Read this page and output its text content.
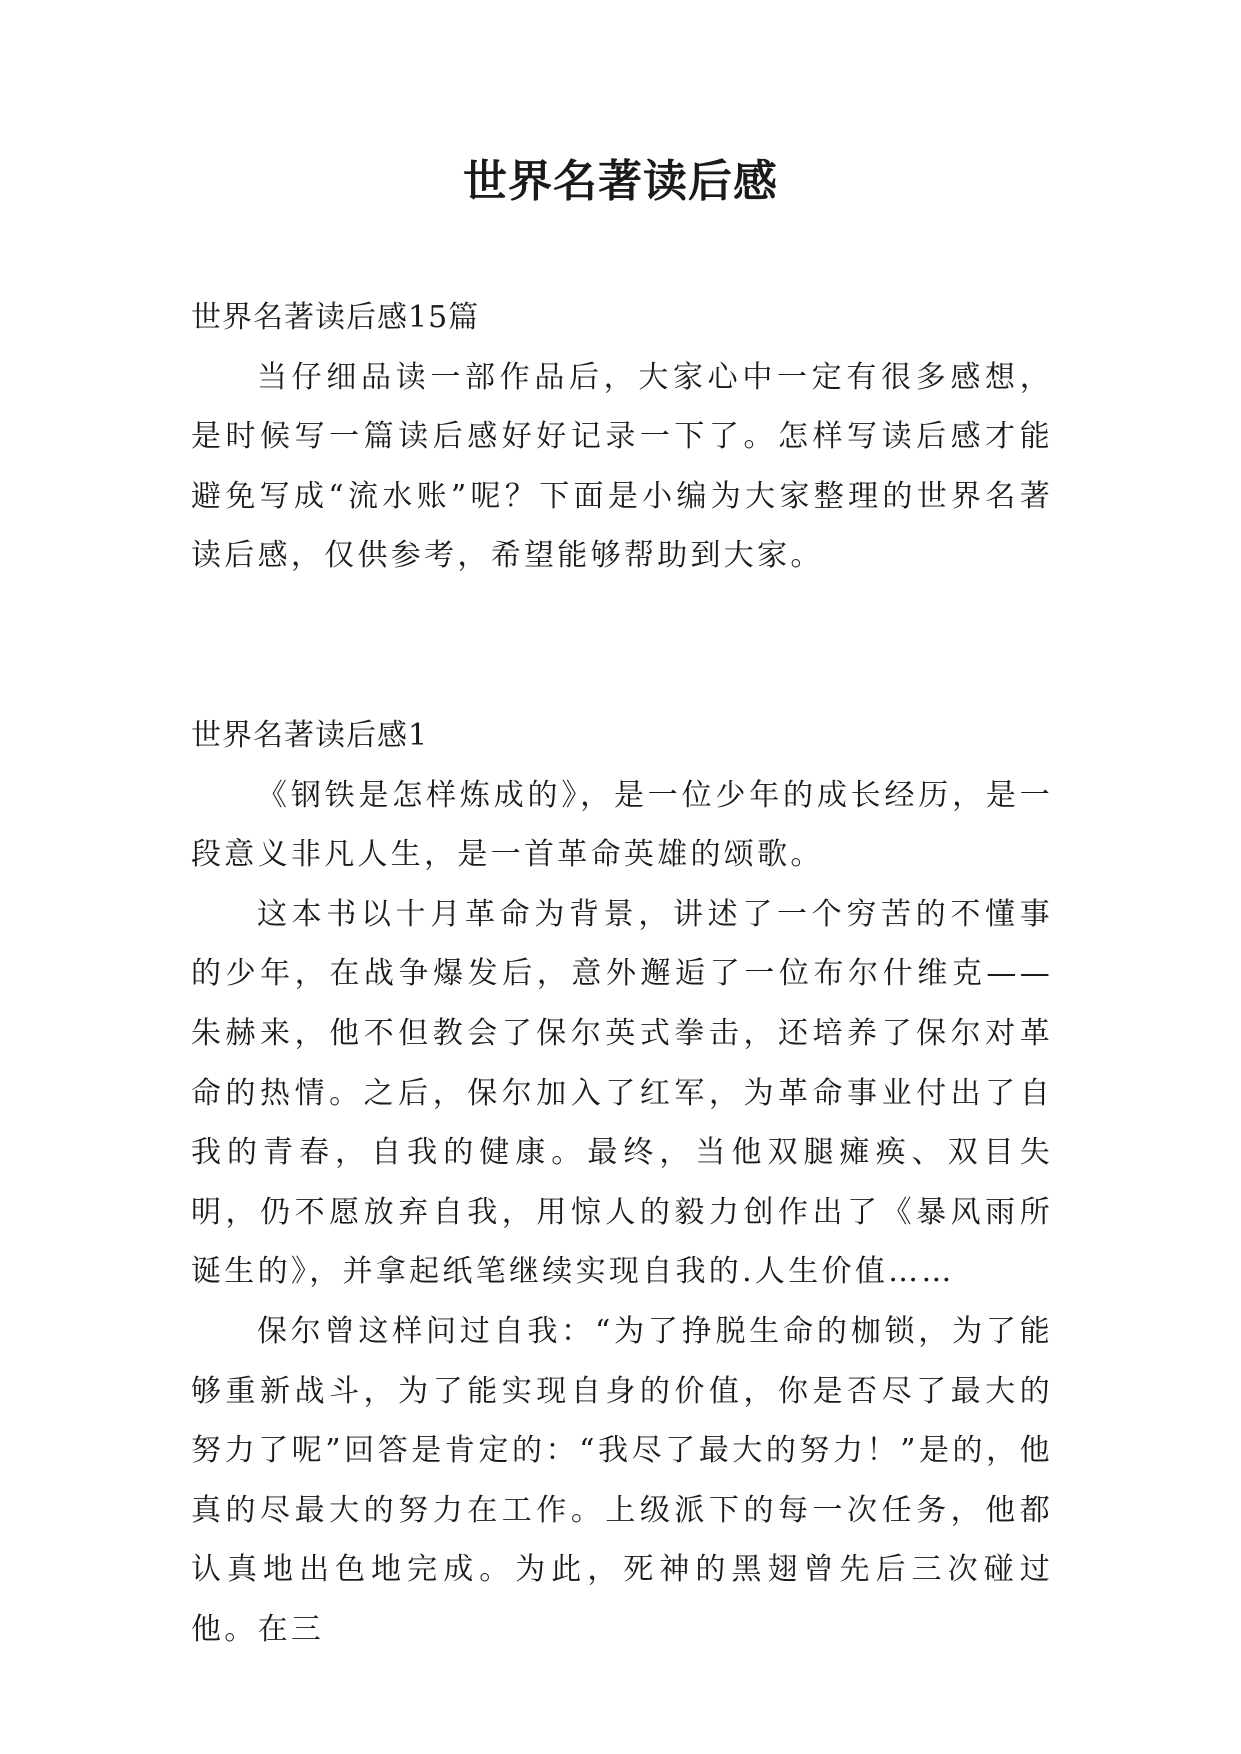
世界名著读后感

世界名著读后感15篇

当仔细品读一部作品后，大家心中一定有很多感想，是时候写一篇读后感好好记录一下了。怎样写读后感才能避免写成“流水账”呢？下面是小编为大家整理的世界名著读后感，仅供参考，希望能够帮助到大家。

世界名著读后感1

《钢铁是怎样炼成的》，是一位少年的成长经历，是一段意义非凡人生，是一首革命英雄的颂歌。

这本书以十月革命为背景，讲述了一个穷苦的不懂事的少年，在战争爆发后，意外邂逅了一位布尔什维克——朱赫来，他不但教会了保尔英式拳击，还培养了保尔对革命的热情。之后，保尔加入了红军，为革命事业付出了自我的青春，自我的健康。最终，当他双腿瘫痪、双目失明，仍不愿放弃自我，用惊人的毅力创作出了《暴风雨所诞生的》，并拿起纸笔继续实现自我的.人生价值……

保尔曾这样问过自我：“为了挣脱生命的枷锁，为了能够重新战斗，为了能实现自身的价值，你是否尽了最大的努力了呢”回答是肯定的：“我尽了最大的努力！”是的，他真的尽最大的努力在工作。上级派下的每一次任务，他都认真地出色地完成。为此，死神的黑翅曾先后三次碰过他。在三
